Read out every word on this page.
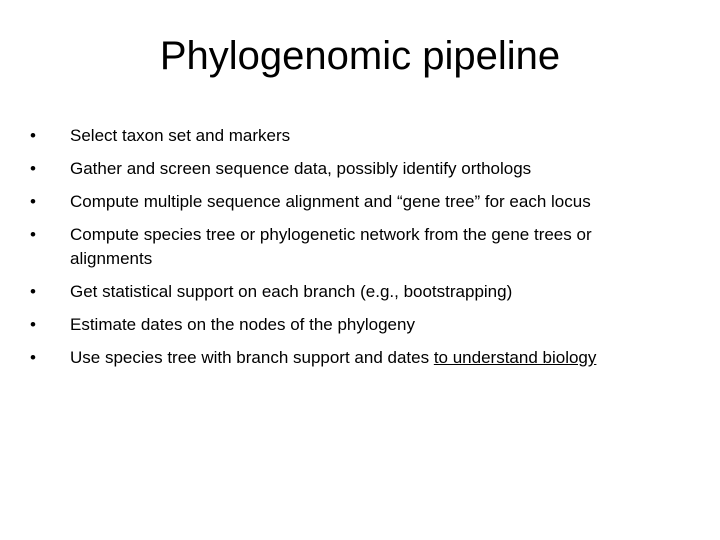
Phylogenomic pipeline
•	Select taxon set and markers
•	Gather and screen sequence data, possibly identify orthologs
•	Compute multiple sequence alignment and “gene tree” for each locus
•	Compute species tree or phylogenetic network from the gene trees or alignments
•	Get statistical support on each branch (e.g., bootstrapping)
•	Estimate dates on the nodes of the phylogeny
•	Use species tree with branch support and dates to understand biology
